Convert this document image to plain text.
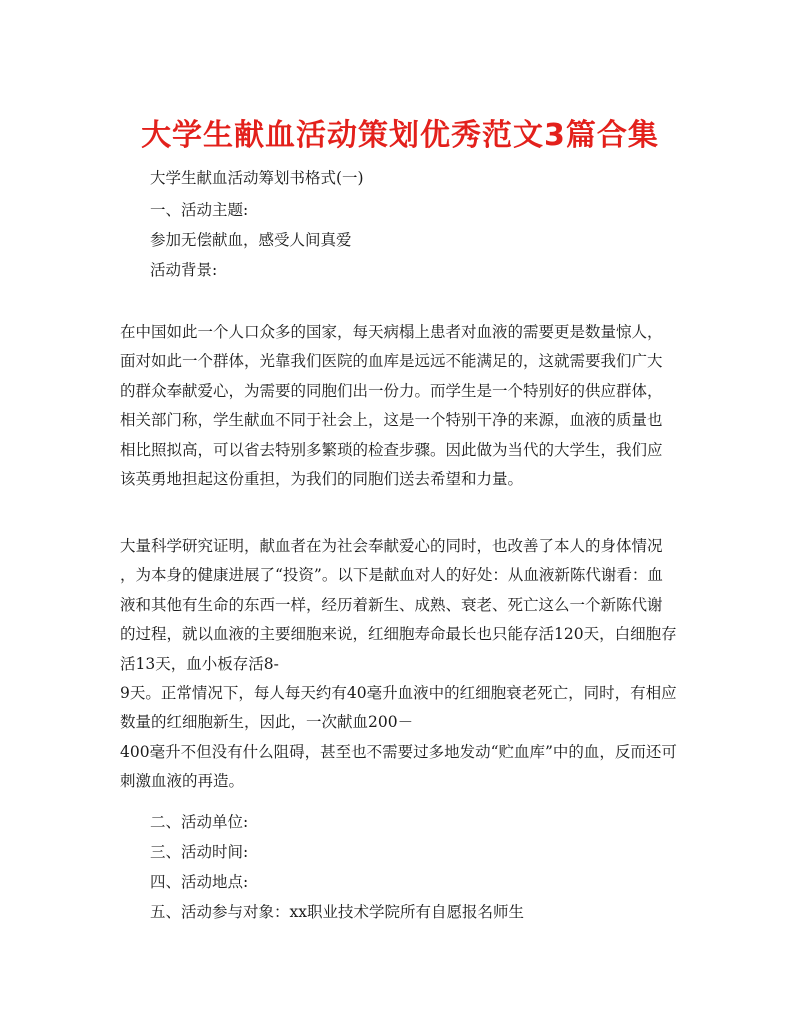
大学生献血活动策划优秀范文3篇合集

大学生献血活动筹划书格式(一)

一、活动主题:

参加无偿献血，感受人间真爱

活动背景:

在中国如此一个人口众多的国家，每天病榻上患者对血液的需要更是数量惊人，
面对如此一个群体，光靠我们医院的血库是远远不能满足的，这就需要我们广大
的群众奉献爱心，为需要的同胞们出一份力。而学生是一个特别好的供应群体，
相关部门称，学生献血不同于社会上，这是一个特别干净的来源，血液的质量也
相比照拟高，可以省去特别多繁琐的检查步骤。因此做为当代的大学生，我们应
该英勇地担起这份重担，为我们的同胞们送去希望和力量。
大量科学研究证明，献血者在为社会奉献爱心的同时，也改善了本人的身体情况
，为本身的健康进展了“投资”。以下是献血对人的好处：从血液新陈代谢看：血
液和其他有生命的东西一样，经历着新生、成熟、衰老、死亡这么一个新陈代谢
的过程，就以血液的主要细胞来说，红细胞寿命最长也只能存活120天，白细胞存
活13天，血小板存活8-
9天。正常情况下，每人每天约有40毫升血液中的红细胞衰老死亡，同时，有相应
数量的红细胞新生，因此，一次献血200－
400毫升不但没有什么阻碍，甚至也不需要过多地发动“贮血库”中的血，反而还可
刺激血液的再造。

二、活动单位:

三、活动时间:

四、活动地点:

五、活动参与对象：xx职业技术学院所有自愿报名师生
